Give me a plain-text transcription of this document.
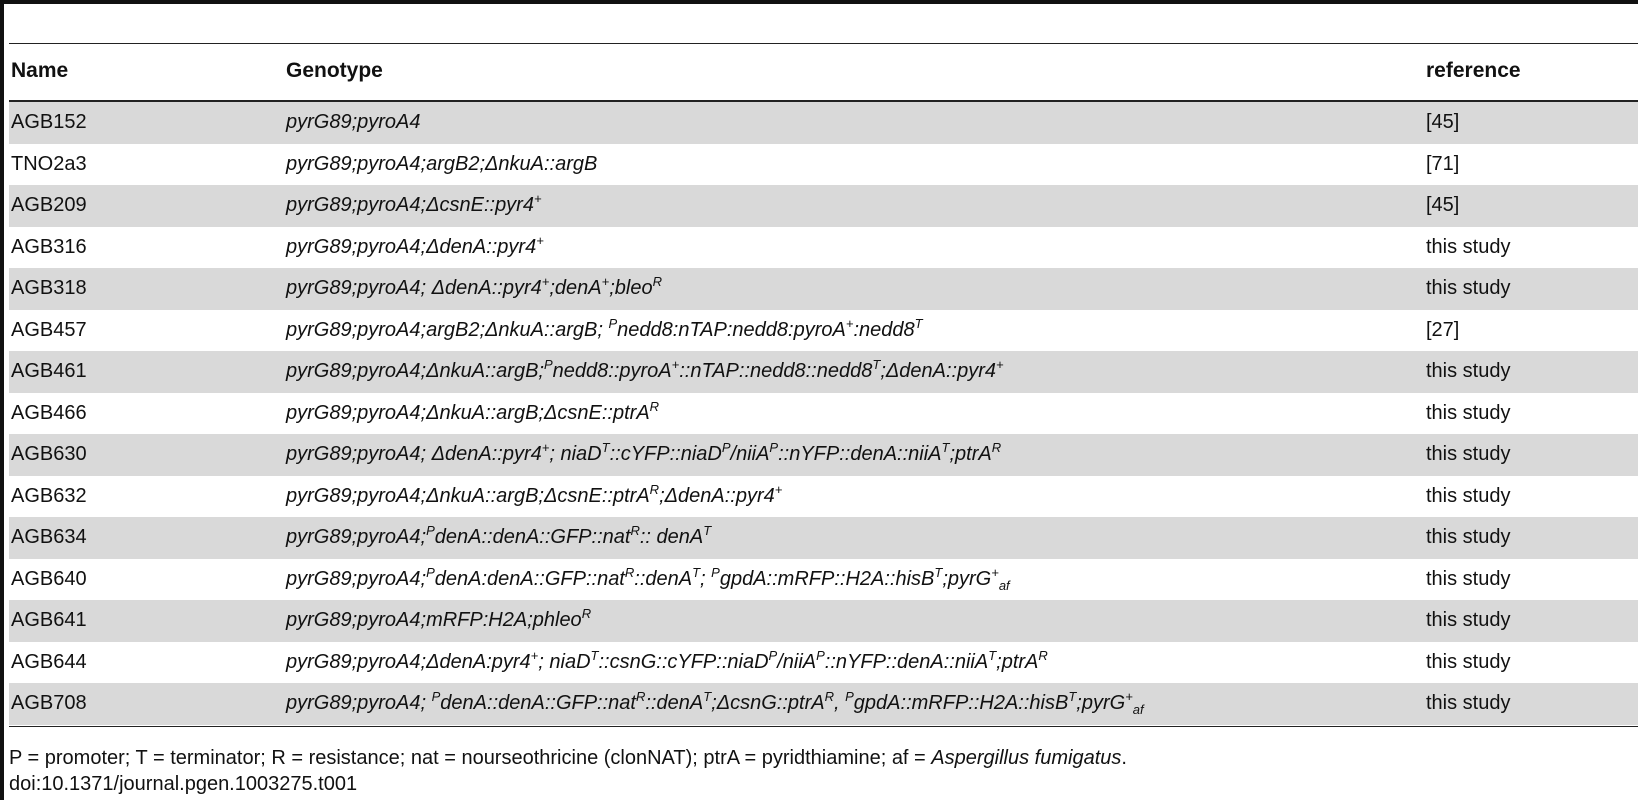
Name	Genotype	reference
AGB152	pyrG89;pyroA4	[45]
TNO2a3	pyrG89;pyroA4;argB2;ΔnkuA::argB	[71]
AGB209	pyrG89;pyroA4;ΔcsnE::pyr4+	[45]
AGB316	pyrG89;pyroA4;ΔdenA::pyr4+	this study
AGB318	pyrG89;pyroA4; ΔdenA::pyr4+;denA+;bleo$^R$	this study
AGB457	pyrG89;pyroA4;argB2;ΔnkuA::argB; $^Pnedd8:nTAP:nedd8:pyroA^+:nedd8^T$	[27]
AGB461	$pyrG89;pyroA4;\Delta nkuA::argB;^Pnedd8::pyroA^+::nTAP::nedd8::nedd8^T;\Delta denA::pyr4^+$	this study
AGB466	pyrG89;pyroA4;ΔnkuA::argB;ΔcsnE::ptrA$^R$	this study
AGB630	pyrG89;pyroA4; ΔdenA::pyr4+; niaD$^T$::cYFP::niaD$^P$/niiA$^P$::nYFP::denA::niiA$^T$;ptrA$^R$	this study
AGB632	pyrG89;pyroA4;ΔnkuA::argB;ΔcsnE::ptrA$^R$;ΔdenA::pyr4+	this study
AGB634	pyrG89;pyroA4;$^P$denA::denA::GFP::nat$^R$:: denA$^T$	this study
AGB640	pyrG89;pyroA4;$^P$denA:denA::GFP::nat$^R$::denA$^T$; $^P$gpdA::mRFP::H2A::hisB$^T$;pyrG+$_{af}$	this study
AGB641	pyrG89;pyroA4;mRFP:H2A;phleo$^R$	this study
AGB644	pyrG89;pyroA4;ΔdenA:pyr4+; niaD$^T$::csnG::cYFP::niaD$^P$/niiA$^P$::nYFP::denA::niiA$^T$;ptrA$^R$	this study
AGB708	pyrG89;pyroA4; $^P$denA::denA::GFP::nat$^R$::denA$^T$;ΔcsnG::ptrA$^R$, $^P$gpdA::mRFP::H2A::hisB$^T$;pyrG+$_{af}$	this study
P = promoter; T = terminator; R = resistance; nat = nourseothricine (clonNAT); ptrA = pyridthiamine; af = Aspergillus fumigatus.
doi:10.1371/journal.pgen.1003275.t001
